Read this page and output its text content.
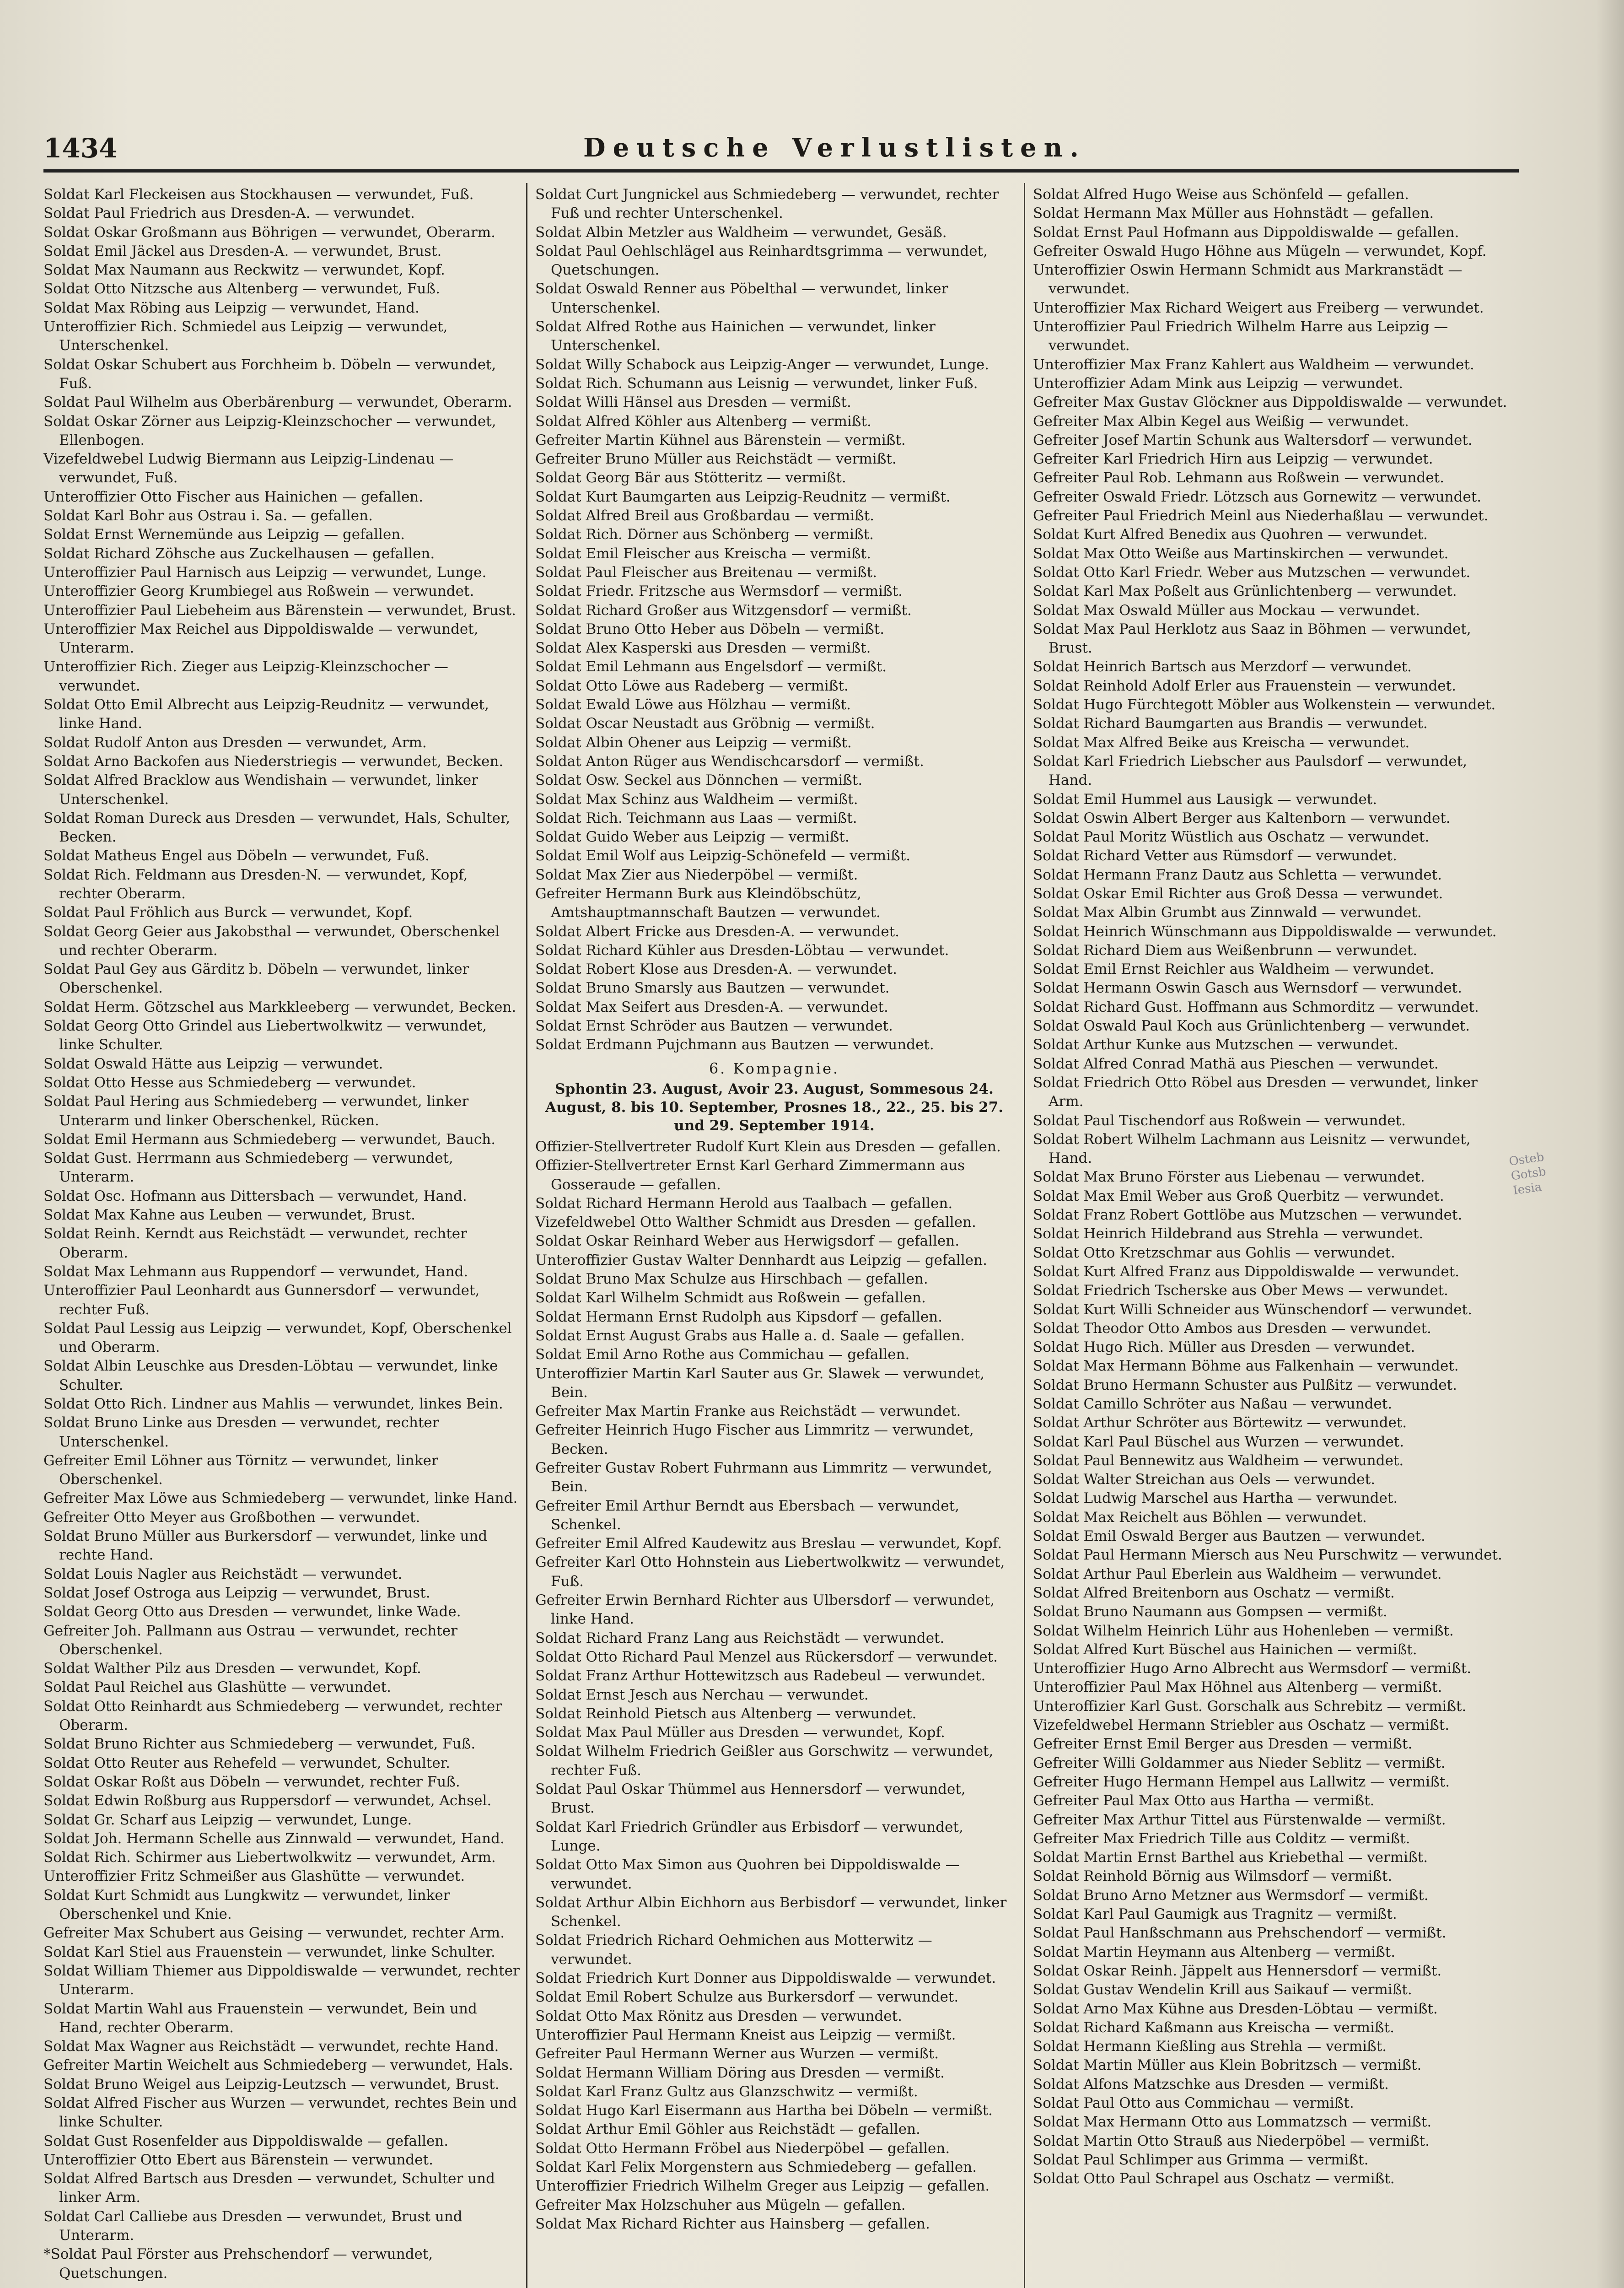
1434	Deutsche Verlustlisten.

Soldat Karl Fleckeisen aus Stockhausen — verwundet, Fuß.

Soldat Paul Friedrich aus Dresden-A. — verwundet.

Soldat Oskar Großmann aus Böhrigen — verwundet, Oberarm.

Soldat Emil Jäckel aus Dresden-A. — verwundet, Brust.

Soldat Max Naumann aus Reckwitz — verwundet, Kopf.

Soldat Otto Nitzsche aus Altenberg — verwundet, Fuß.

Soldat Max Röbing aus Leipzig — verwundet, Hand.

Unteroffizier Rich. Schmiedel aus Leipzig — verwundet, Unterschenkel.

Soldat Oskar Schubert aus Forchheim b. Döbeln — verwundet, Fuß.

Soldat Paul Wilhelm aus Oberbärenburg — verwundet, Oberarm.

Soldat Oskar Zörner aus Leipzig-Kleinzschocher — verwundet, Ellenbogen.

Vizefeldwebel Ludwig Biermann aus Leipzig-Lindenau — verwundet, Fuß.

Unteroffizier Otto Fischer aus Hainichen — gefallen.

Soldat Karl Bohr aus Ostrau i. Sa. — gefallen.

Soldat Ernst Wernemünde aus Leipzig — gefallen.

Soldat Richard Zöhsche aus Zuckelhausen — gefallen.

Unteroffizier Paul Harnisch aus Leipzig — verwundet, Lunge.

Unteroffizier Georg Krumbiegel aus Roßwein — verwundet.

Unteroffizier Paul Liebeheim aus Bärenstein — verwundet, Brust.

Unteroffizier Max Reichel aus Dippoldiswalde — verwundet, Unterarm.

Unteroffizier Rich. Zieger aus Leipzig-Kleinzschocher — verwundet.

Soldat Otto Emil Albrecht aus Leipzig-Reudnitz — verwundet, linke Hand.

Soldat Rudolf Anton aus Dresden — verwundet, Arm.

Soldat Arno Backofen aus Niederstriegis — verwundet, Becken.

Soldat Alfred Bracklow aus Wendishain — verwundet, linker Unterschenkel.

Soldat Roman Dureck aus Dresden — verwundet, Hals, Schulter, Becken.

Soldat Matheus Engel aus Döbeln — verwundet, Fuß.

Soldat Rich. Feldmann aus Dresden-N. — verwundet, Kopf, rechter Oberarm.

Soldat Paul Fröhlich aus Burck — verwundet, Kopf.

Soldat Georg Geier aus Jakobsthal — verwundet, Oberschenkel und rechter Oberarm.

Soldat Paul Gey aus Gärditz b. Döbeln — verwundet, linker Oberschenkel.

Soldat Herm. Götzschel aus Markkleeberg — verwundet, Becken.

Soldat Georg Otto Grindel aus Liebertwolkwitz — verwundet, linke Schulter.

Soldat Oswald Hätte aus Leipzig — verwundet.

Soldat Otto Hesse aus Schmiedeberg — verwundet.

Soldat Paul Hering aus Schmiedeberg — verwundet, linker Unterarm und linker Oberschenkel, Rücken.

Soldat Emil Hermann aus Schmiedeberg — verwundet, Bauch.

Soldat Gust. Herrmann aus Schmiedeberg — verwundet, Unterarm.

Soldat Osc. Hofmann aus Dittersbach — verwundet, Hand.

Soldat Max Kahne aus Leuben — verwundet, Brust.

Soldat Reinh. Kerndt aus Reichstädt — verwundet, rechter Oberarm.

Soldat Max Lehmann aus Ruppendorf — verwundet, Hand.

Unteroffizier Paul Leonhardt aus Gunnersdorf — verwundet, rechter Fuß.

Soldat Paul Lessig aus Leipzig — verwundet, Kopf, Oberschenkel und Oberarm.

Soldat Albin Leuschke aus Dresden-Löbtau — verwundet, linke Schulter.

Soldat Otto Rich. Lindner aus Mahlis — verwundet, linkes Bein.

Soldat Bruno Linke aus Dresden — verwundet, rechter Unterschenkel.

Gefreiter Emil Löhner aus Törnitz — verwundet, linker Oberschenkel.

Gefreiter Max Löwe aus Schmiedeberg — verwundet, linke Hand.

Gefreiter Otto Meyer aus Großbothen — verwundet.

Soldat Bruno Müller aus Burkersdorf — verwundet, linke und rechte Hand.

Soldat Louis Nagler aus Reichstädt — verwundet.

Soldat Josef Ostroga aus Leipzig — verwundet, Brust.

Soldat Georg Otto aus Dresden — verwundet, linke Wade.

Gefreiter Joh. Pallmann aus Ostrau — verwundet, rechter Oberschenkel.

Soldat Walther Pilz aus Dresden — verwundet, Kopf.

Soldat Paul Reichel aus Glashütte — verwundet.

Soldat Otto Reinhardt aus Schmiedeberg — verwundet, rechter Oberarm.

Soldat Bruno Richter aus Schmiedeberg — verwundet, Fuß.

Soldat Otto Reuter aus Rehefeld — verwundet, Schulter.

Soldat Oskar Roßt aus Döbeln — verwundet, rechter Fuß.

Soldat Edwin Roßburg aus Ruppersdorf — verwundet, Achsel.

Soldat Gr. Scharf aus Leipzig — verwundet, Lunge.

Soldat Joh. Hermann Schelle aus Zinnwald — verwundet, Hand.

Soldat Rich. Schirmer aus Liebertwolkwitz — verwundet, Arm.

Unteroffizier Fritz Schmeißer aus Glashütte — verwundet.

Soldat Kurt Schmidt aus Lungkwitz — verwundet, linker Oberschenkel und Knie.

Gefreiter Max Schubert aus Geising — verwundet, rechter Arm.

Soldat Karl Stiel aus Frauenstein — verwundet, linke Schulter.

Soldat William Thiemer aus Dippoldiswalde — verwundet, rechter Unterarm.

Soldat Martin Wahl aus Frauenstein — verwundet, Bein und Hand, rechter Oberarm.

Soldat Max Wagner aus Reichstädt — verwundet, rechte Hand.

Gefreiter Martin Weichelt aus Schmiedeberg — verwundet, Hals.

Soldat Bruno Weigel aus Leipzig-Leutzsch — verwundet, Brust.

Soldat Alfred Fischer aus Wurzen — verwundet, rechtes Bein und linke Schulter.

Soldat Gust Rosenfelder aus Dippoldiswalde — gefallen.

Unteroffizier Otto Ebert aus Bärenstein — verwundet.

Soldat Alfred Bartsch aus Dresden — verwundet, Schulter und linker Arm.

Soldat Carl Calliebe aus Dresden — verwundet, Brust und Unterarm.

*Soldat Paul Förster aus Prehschendorf — verwundet, Quetschungen.

Soldat Curt Jungnickel aus Schmiedeberg — verwundet, rechter Fuß und rechter Unterschenkel.

Soldat Albin Metzler aus Waldheim — verwundet, Gesäß.

Soldat Paul Oehlschlägel aus Reinhardtsgrimma — verwundet, Quetschungen.

Soldat Oswald Renner aus Pöbelthal — verwundet, linker Unterschenkel.

Soldat Alfred Rothe aus Hainichen — verwundet, linker Unterschenkel.

Soldat Willy Schabock aus Leipzig-Anger — verwundet, Lunge.

Soldat Rich. Schumann aus Leisnig — verwundet, linker Fuß.

Soldat Willi Hänsel aus Dresden — vermißt.

Soldat Alfred Köhler aus Altenberg — vermißt.

Gefreiter Martin Kühnel aus Bärenstein — vermißt.

Gefreiter Bruno Müller aus Reichstädt — vermißt.

Soldat Georg Bär aus Stötteritz — vermißt.

Soldat Kurt Baumgarten aus Leipzig-Reudnitz — vermißt.

Soldat Alfred Breil aus Großbardau — vermißt.

Soldat Rich. Dörner aus Schönberg — vermißt.

Soldat Emil Fleischer aus Kreischa — vermißt.

Soldat Paul Fleischer aus Breitenau — vermißt.

Soldat Friedr. Fritzsche aus Wermsdorf — vermißt.

Soldat Richard Großer aus Witzgensdorf — vermißt.

Soldat Bruno Otto Heber aus Döbeln — vermißt.

Soldat Alex Kasperski aus Dresden — vermißt.

Soldat Emil Lehmann aus Engelsdorf — vermißt.

Soldat Otto Löwe aus Radeberg — vermißt.

Soldat Ewald Löwe aus Hölzhau — vermißt.

Soldat Oscar Neustadt aus Gröbnig — vermißt.

Soldat Albin Ohener aus Leipzig — vermißt.

Soldat Anton Rüger aus Wendischcarsdorf — vermißt.

Soldat Osw. Seckel aus Dönnchen — vermißt.

Soldat Max Schinz aus Waldheim — vermißt.

Soldat Rich. Teichmann aus Laas — vermißt.

Soldat Guido Weber aus Leipzig — vermißt.

Soldat Emil Wolf aus Leipzig-Schönefeld — vermißt.

Soldat Max Zier aus Niederpöbel — vermißt.

Gefreiter Hermann Burk aus Kleindöbschütz, Amtshauptmannschaft Bautzen — verwundet.

Soldat Albert Fricke aus Dresden-A. — verwundet.

Soldat Richard Kühler aus Dresden-Löbtau — verwundet.

Soldat Robert Klose aus Dresden-A. — verwundet.

Soldat Bruno Smarsly aus Bautzen — verwundet.

Soldat Max Seifert aus Dresden-A. — verwundet.

Soldat Ernst Schröder aus Bautzen — verwundet.

Soldat Erdmann Pujchmann aus Bautzen — verwundet.

6. Kompagnie.
Sphontin 23. August, Avoir 23. August, Sommesous 24. August, 8. bis 10. September, Prosnes 18., 22., 25. bis 27. und 29. September 1914.

Offizier-Stellvertreter Rudolf Kurt Klein aus Dresden — gefallen.

Offizier-Stellvertreter Ernst Karl Gerhard Zimmermann aus Gosseraude — gefallen.

Soldat Richard Hermann Herold aus Taalbach — gefallen.

Vizefeldwebel Otto Walther Schmidt aus Dresden — gefallen.

Soldat Oskar Reinhard Weber aus Herwigsdorf — gefallen.

Unteroffizier Gustav Walter Dennhardt aus Leipzig — gefallen.

Soldat Bruno Max Schulze aus Hirschbach — gefallen.

Soldat Karl Wilhelm Schmidt aus Roßwein — gefallen.

Soldat Hermann Ernst Rudolph aus Kipsdorf — gefallen.

Soldat Ernst August Grabs aus Halle a. d. Saale — gefallen.

Soldat Emil Arno Rothe aus Commichau — gefallen.

Unteroffizier Martin Karl Sauter aus Gr. Slawek — verwundet, Bein.

Gefreiter Max Martin Franke aus Reichstädt — verwundet.

Gefreiter Heinrich Hugo Fischer aus Limmritz — verwundet, Becken.

Gefreiter Gustav Robert Fuhrmann aus Limmritz — verwundet, Bein.

Gefreiter Emil Arthur Berndt aus Ebersbach — verwundet, Schenkel.

Gefreiter Emil Alfred Kaudewitz aus Breslau — verwundet, Kopf.

Gefreiter Karl Otto Hohnstein aus Liebertwolkwitz — verwundet, Fuß.

Gefreiter Erwin Bernhard Richter aus Ulbersdorf — verwundet, linke Hand.

Soldat Richard Franz Lang aus Reichstädt — verwundet.

Soldat Otto Richard Paul Menzel aus Rückersdorf — verwundet.

Soldat Franz Arthur Hottewitzsch aus Radebeul — verwundet.

Soldat Ernst Jesch aus Nerchau — verwundet.

Soldat Reinhold Pietsch aus Altenberg — verwundet.

Soldat Max Paul Müller aus Dresden — verwundet, Kopf.

Soldat Wilhelm Friedrich Geißler aus Gorschwitz — verwundet, rechter Fuß.

Soldat Paul Oskar Thümmel aus Hennersdorf — verwundet, Brust.

Soldat Karl Friedrich Gründler aus Erbisdorf — verwundet, Lunge.

Soldat Otto Max Simon aus Quohren bei Dippoldiswalde — verwundet.

Soldat Arthur Albin Eichhorn aus Berbisdorf — verwundet, linker Schenkel.

Soldat Friedrich Richard Oehmichen aus Motterwitz — verwundet.

Soldat Friedrich Kurt Donner aus Dippoldiswalde — verwundet.

Soldat Emil Robert Schulze aus Burkersdorf — verwundet.

Soldat Otto Max Rönitz aus Dresden — verwundet.

Unteroffizier Paul Hermann Kneist aus Leipzig — vermißt.

Gefreiter Paul Hermann Werner aus Wurzen — vermißt.

Soldat Hermann William Döring aus Dresden — vermißt.

Soldat Karl Franz Gultz aus Glanzschwitz — vermißt.

Soldat Hugo Karl Eisermann aus Hartha bei Döbeln — vermißt.

Soldat Arthur Emil Göhler aus Reichstädt — gefallen.

Soldat Otto Hermann Fröbel aus Niederpöbel — gefallen.

Soldat Karl Felix Morgenstern aus Schmiedeberg — gefallen.

Unteroffizier Friedrich Wilhelm Greger aus Leipzig — gefallen.

Gefreiter Max Holzschuher aus Mügeln — gefallen.

Soldat Max Richard Richter aus Hainsberg — gefallen.

Soldat Alfred Hugo Weise aus Schönfeld — gefallen.

Soldat Hermann Max Müller aus Hohnstädt — gefallen.

Soldat Ernst Paul Hofmann aus Dippoldiswalde — gefallen.

Gefreiter Oswald Hugo Höhne aus Mügeln — verwundet, Kopf.

Unteroffizier Oswin Hermann Schmidt aus Markranstädt — verwundet.

Unteroffizier Max Richard Weigert aus Freiberg — verwundet.

Unteroffizier Paul Friedrich Wilhelm Harre aus Leipzig — verwundet.

Unteroffizier Max Franz Kahlert aus Waldheim — verwundet.

Unteroffizier Adam Mink aus Leipzig — verwundet.

Gefreiter Max Gustav Glöckner aus Dippoldiswalde — verwundet.

Gefreiter Max Albin Kegel aus Weißig — verwundet.

Gefreiter Josef Martin Schunk aus Waltersdorf — verwundet.

Gefreiter Karl Friedrich Hirn aus Leipzig — verwundet.

Gefreiter Paul Rob. Lehmann aus Roßwein — verwundet.

Gefreiter Oswald Friedr. Lötzsch aus Gornewitz — verwundet.

Gefreiter Paul Friedrich Meinl aus Niederhaßlau — verwundet.

Soldat Kurt Alfred Benedix aus Quohren — verwundet.

Soldat Max Otto Weiße aus Martinskirchen — verwundet.

Soldat Otto Karl Friedr. Weber aus Mutzschen — verwundet.

Soldat Karl Max Poßelt aus Grünlichtenberg — verwundet.

Soldat Max Oswald Müller aus Mockau — verwundet.

Soldat Max Paul Herklotz aus Saaz in Böhmen — verwundet, Brust.

Soldat Heinrich Bartsch aus Merzdorf — verwundet.

Soldat Reinhold Adolf Erler aus Frauenstein — verwundet.

Soldat Hugo Fürchtegott Möbler aus Wolkenstein — verwundet.

Soldat Richard Baumgarten aus Brandis — verwundet.

Soldat Max Alfred Beike aus Kreischa — verwundet.

Soldat Karl Friedrich Liebscher aus Paulsdorf — verwundet, Hand.

Soldat Emil Hummel aus Lausigk — verwundet.

Soldat Oswin Albert Berger aus Kaltenborn — verwundet.

Soldat Paul Moritz Wüstlich aus Oschatz — verwundet.

Soldat Richard Vetter aus Rümsdorf — verwundet.

Soldat Hermann Franz Dautz aus Schletta — verwundet.

Soldat Oskar Emil Richter aus Groß Dessa — verwundet.

Soldat Max Albin Grumbt aus Zinnwald — verwundet.

Soldat Heinrich Wünschmann aus Dippoldiswalde — verwundet.

Soldat Richard Diem aus Weißenbrunn — verwundet.

Soldat Emil Ernst Reichler aus Waldheim — verwundet.

Soldat Hermann Oswin Gasch aus Wernsdorf — verwundet.

Soldat Richard Gust. Hoffmann aus Schmorditz — verwundet.

Soldat Oswald Paul Koch aus Grünlichtenberg — verwundet.

Soldat Arthur Kunke aus Mutzschen — verwundet.

Soldat Alfred Conrad Mathä aus Pieschen — verwundet.

Soldat Friedrich Otto Röbel aus Dresden — verwundet, linker Arm.

Soldat Paul Tischendorf aus Roßwein — verwundet.

Soldat Robert Wilhelm Lachmann aus Leisnitz — verwundet, Hand.

Soldat Max Bruno Förster aus Liebenau — verwundet.

Soldat Max Emil Weber aus Groß Querbitz — verwundet.

Soldat Franz Robert Gottlöbe aus Mutzschen — verwundet.

Soldat Heinrich Hildebrand aus Strehla — verwundet.

Soldat Otto Kretzschmar aus Gohlis — verwundet.

Soldat Kurt Alfred Franz aus Dippoldiswalde — verwundet.

Soldat Friedrich Tscherske aus Ober Mews — verwundet.

Soldat Kurt Willi Schneider aus Wünschendorf — verwundet.

Soldat Theodor Otto Ambos aus Dresden — verwundet.

Soldat Hugo Rich. Müller aus Dresden — verwundet.

Soldat Max Hermann Böhme aus Falkenhain — verwundet.

Soldat Bruno Hermann Schuster aus Pulßitz — verwundet.

Soldat Camillo Schröter aus Naßau — verwundet.

Soldat Arthur Schröter aus Börtewitz — verwundet.

Soldat Karl Paul Büschel aus Wurzen — verwundet.

Soldat Paul Bennewitz aus Waldheim — verwundet.

Soldat Walter Streichan aus Oels — verwundet.

Soldat Ludwig Marschel aus Hartha — verwundet.

Soldat Max Reichelt aus Böhlen — verwundet.

Soldat Emil Oswald Berger aus Bautzen — verwundet.

Soldat Paul Hermann Miersch aus Neu Purschwitz — verwundet.

Soldat Arthur Paul Eberlein aus Waldheim — verwundet.

Soldat Alfred Breitenborn aus Oschatz — vermißt.

Soldat Bruno Naumann aus Gompsen — vermißt.

Soldat Wilhelm Heinrich Lühr aus Hohenleben — vermißt.

Soldat Alfred Kurt Büschel aus Hainichen — vermißt.

Unteroffizier Hugo Arno Albrecht aus Wermsdorf — vermißt.

Unteroffizier Paul Max Höhnel aus Altenberg — vermißt.

Unteroffizier Karl Gust. Gorschalk aus Schrebitz — vermißt.

Vizefeldwebel Hermann Striebler aus Oschatz — vermißt.

Gefreiter Ernst Emil Berger aus Dresden — vermißt.

Gefreiter Willi Goldammer aus Nieder Seblitz — vermißt.

Gefreiter Hugo Hermann Hempel aus Lallwitz — vermißt.

Gefreiter Paul Max Otto aus Hartha — vermißt.

Gefreiter Max Arthur Tittel aus Fürstenwalde — vermißt.

Gefreiter Max Friedrich Tille aus Colditz — vermißt.

Soldat Martin Ernst Barthel aus Kriebethal — vermißt.

Soldat Reinhold Börnig aus Wilmsdorf — vermißt.

Soldat Bruno Arno Metzner aus Wermsdorf — vermißt.

Soldat Karl Paul Gaumigk aus Tragnitz — vermißt.

Soldat Paul Hanßschmann aus Prehschendorf — vermißt.

Soldat Martin Heymann aus Altenberg — vermißt.

Soldat Oskar Reinh. Jäppelt aus Hennersdorf — vermißt.

Soldat Gustav Wendelin Krill aus Saikauf — vermißt.

Soldat Arno Max Kühne aus Dresden-Löbtau — vermißt.

Soldat Richard Kaßmann aus Kreischa — vermißt.

Soldat Hermann Kießling aus Strehla — vermißt.

Soldat Martin Müller aus Klein Bobritzsch — vermißt.

Soldat Alfons Matzschke aus Dresden — vermißt.

Soldat Paul Otto aus Commichau — vermißt.

Soldat Max Hermann Otto aus Lommatzsch — vermißt.

Soldat Martin Otto Strauß aus Niederpöbel — vermißt.

Soldat Paul Schlimper aus Grimma — vermißt.

Soldat Otto Paul Schrapel aus Oschatz — vermißt.

Osteb
Gotsb
Iesia
